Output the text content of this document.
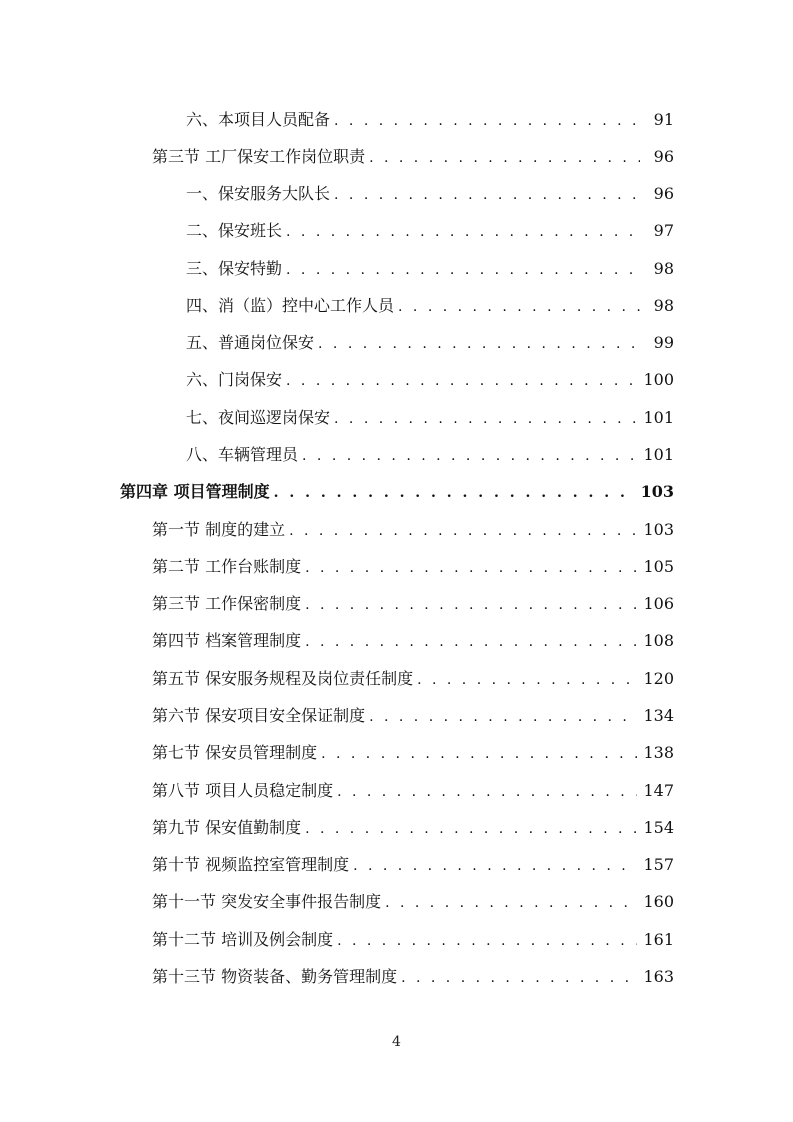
六、本项目人员配备 . . .	91
第三节 工厂保安工作岗位职责 . . .	96
一、保安服务大队长 . . .	96
二、保安班长 . . .	97
三、保安特勤 . . .	98
四、消（监）控中心工作人员 . . .	98
五、普通岗位保安 . . .	99
六、门岗保安 . . .	100
七、夜间巡逻岗保安 . . .	101
八、车辆管理员 . . .	101
第四章 项目管理制度 . . .	103
第一节 制度的建立 . . .	103
第二节 工作台账制度 . . .	105
第三节 工作保密制度 . . .	106
第四节 档案管理制度 . . .	108
第五节 保安服务规程及岗位责任制度 . . .	120
第六节 保安项目安全保证制度 . . .	134
第七节 保安员管理制度 . . .	138
第八节 项目人员稳定制度 . . .	147
第九节 保安值勤制度 . . .	154
第十节 视频监控室管理制度 . . .	157
第十一节 突发安全事件报告制度 . . .	160
第十二节 培训及例会制度 . . .	161
第十三节 物资装备、勤务管理制度 . . .	163
4
